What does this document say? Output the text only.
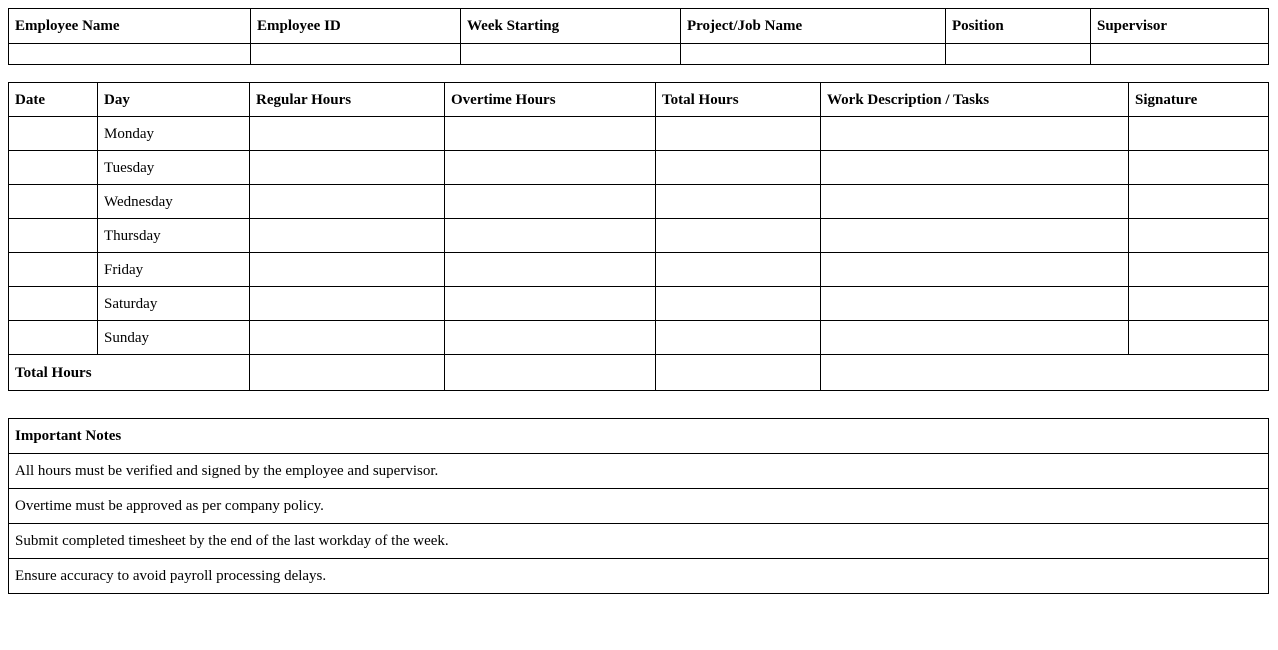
Employee Name	Employee ID	Week Starting	Project/Job Name	Position	Supervisor

Date	Day	Regular Hours	Overtime Hours	Total Hours	Work Description / Tasks	Signature
	Monday					
	Tuesday					
	Wednesday					
	Thursday					
	Friday					
	Saturday					
	Sunday					
Total Hours						
Important Notes
All hours must be verified and signed by the employee and supervisor.
Overtime must be approved as per company policy.
Submit completed timesheet by the end of the last workday of the week.
Ensure accuracy to avoid payroll processing delays.
